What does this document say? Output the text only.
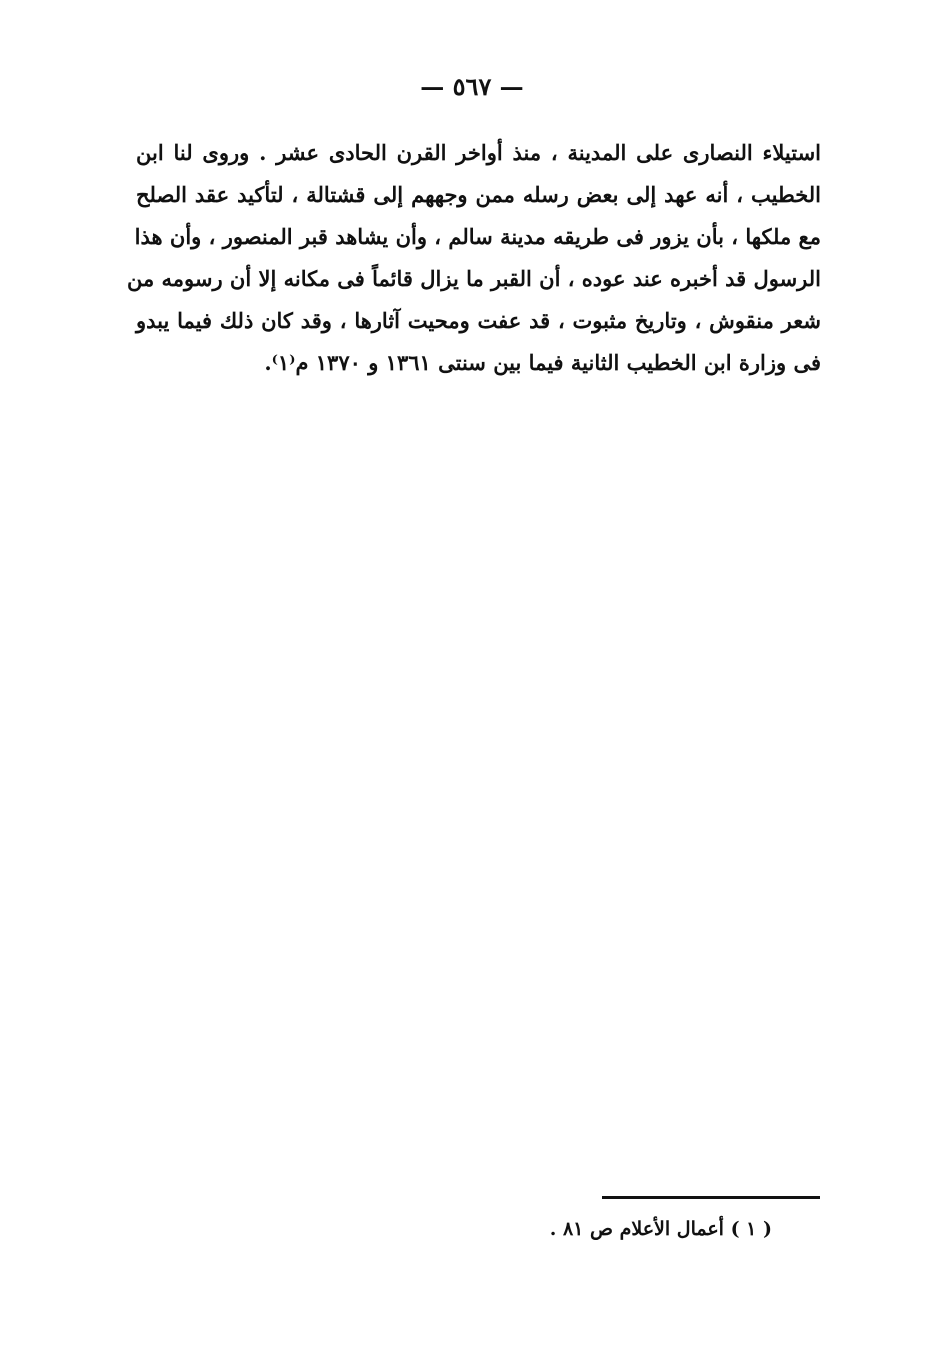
— ٥٦٧ —
استيلاء النصارى على المدينة ، منذ أواخر القرن الحادى عشر . وروى لنا ابن
الخطيب ، أنه عهد إلى بعض رسله ممن وجههم إلى قشتالة ، لتأكيد عقد الصلح
مع ملكها ، بأن يزور فى طريقه مدينة سالم ، وأن يشاهد قبر المنصور ، وأن هذا
الرسول قد أخبره عند عوده ، أن القبر ما يزال قائماً فى مكانه إلا أن رسومه من
شعر منقوش ، وتاريخ مثبوت ، قد عفت ومحيت آثارها ، وقد كان ذلك فيما يبدو
فى وزارة ابن الخطيب الثانية فيما بين سنتى ١٣٦١ و ١٣٧٠ م⁽١⁾.
( ١ ) أعمال الأعلام ص ٨١ .
